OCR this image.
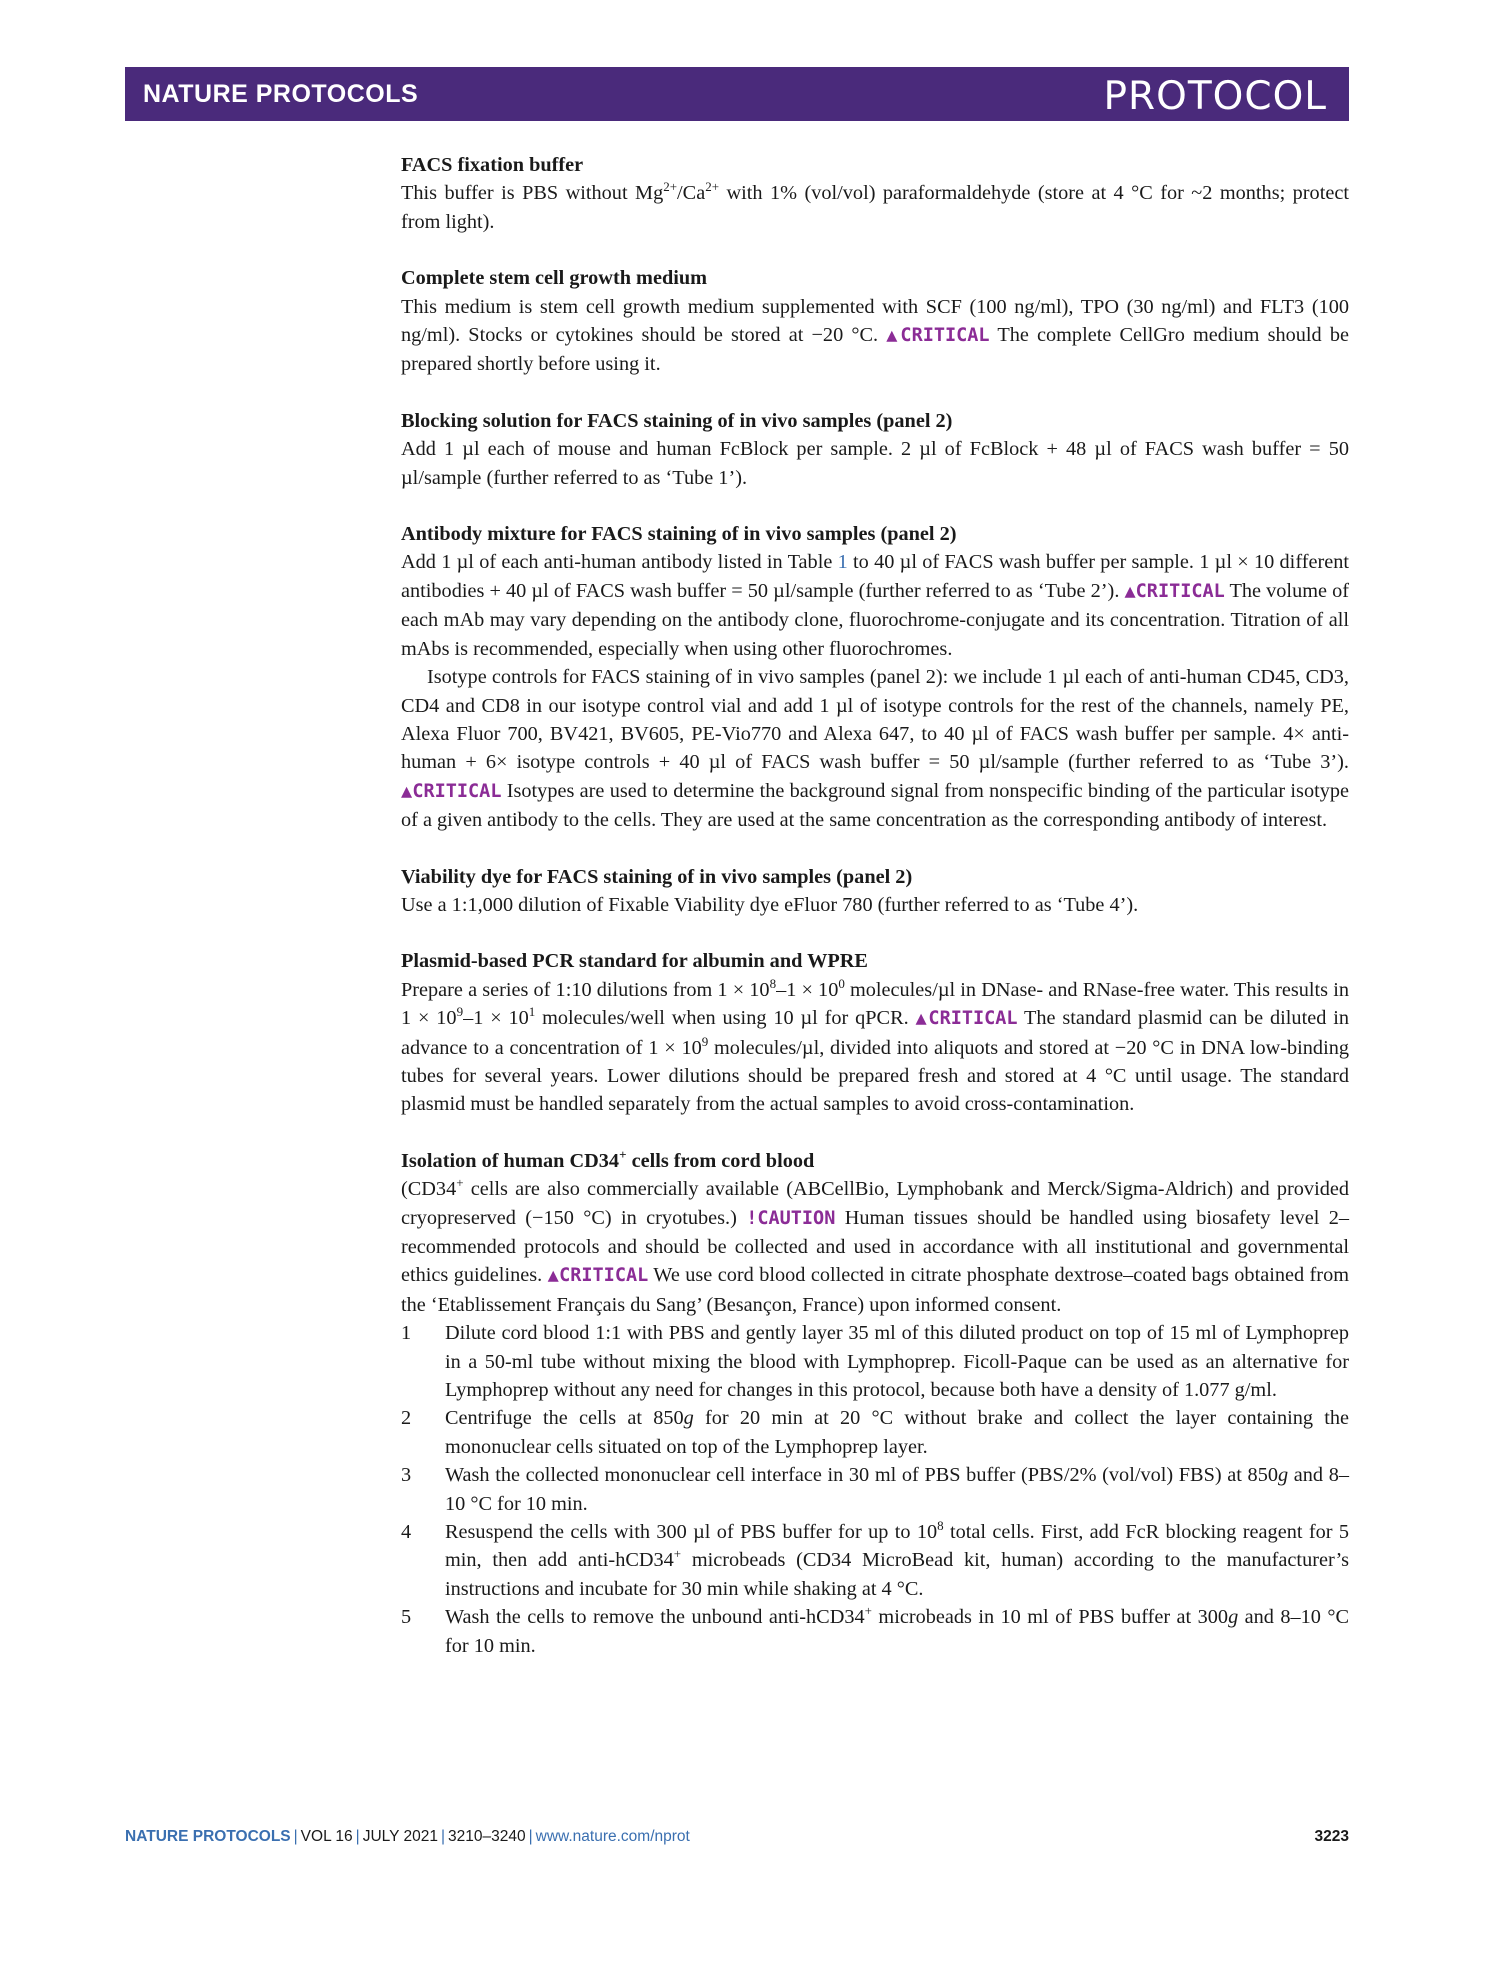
NATURE PROTOCOLS	PROTOCOL
FACS fixation buffer

This buffer is PBS without $Mg^{2+}/Ca^{2+}$ with 1% (vol/vol) paraformaldehyde (store at 4 °C for ~2 months; protect from light).

Complete stem cell growth medium

This medium is stem cell growth medium supplemented with SCF (100 ng/ml), TPO (30 ng/ml) and FLT3 (100 ng/ml). Stocks or cytokines should be stored at −20 °C. ▲CRITICAL The complete CellGro medium should be prepared shortly before using it.

Blocking solution for FACS staining of in vivo samples (panel 2)

Add 1 µl each of mouse and human FcBlock per sample. 2 µl of FcBlock + 48 µl of FACS wash buffer = 50 µl/sample (further referred to as ‘Tube 1’).

Antibody mixture for FACS staining of in vivo samples (panel 2)

Add 1 µl of each anti-human antibody listed in Table 1 to 40 µl of FACS wash buffer per sample. 1 µl × 10 different antibodies + 40 µl of FACS wash buffer = 50 µl/sample (further referred to as ‘Tube 2’). ▲CRITICAL The volume of each mAb may vary depending on the antibody clone, fluorochrome-conjugate and its concentration. Titration of all mAbs is recommended, especially when using other fluorochromes.

Isotype controls for FACS staining of in vivo samples (panel 2): we include 1 µl each of anti-human CD45, CD3, CD4 and CD8 in our isotype control vial and add 1 µl of isotype controls for the rest of the channels, namely PE, Alexa Fluor 700, BV421, BV605, PE-Vio770 and Alexa 647, to 40 µl of FACS wash buffer per sample. 4× anti-human + 6× isotype controls + 40 µl of FACS wash buffer = 50 µl/sample (further referred to as ‘Tube 3’). ▲CRITICAL Isotypes are used to determine the background signal from nonspecific binding of the particular isotype of a given antibody to the cells. They are used at the same concentration as the corresponding antibody of interest.

Viability dye for FACS staining of in vivo samples (panel 2)

Use a 1:1,000 dilution of Fixable Viability dye eFluor 780 (further referred to as ‘Tube 4’).

Plasmid-based PCR standard for albumin and WPRE

Prepare a series of 1:10 dilutions from $1 \times 10^8-1 \times 10^0$ molecules/µl in DNase- and RNase-free water. This results in $1 \times 10^9-1 \times 10^1$ molecules/well when using 10 µl for qPCR. ▲CRITICAL The standard plasmid can be diluted in advance to a concentration of $1 \times 10^9$ molecules/µl, divided into aliquots and stored at −20 °C in DNA low-binding tubes for several years. Lower dilutions should be prepared fresh and stored at 4 °C until usage. The standard plasmid must be handled separately from the actual samples to avoid cross-contamination.

Isolation of human CD34+ cells from cord blood

(CD34+ cells are also commercially available (ABCellBio, Lymphobank and Merck/Sigma-Aldrich) and provided cryopreserved (−150 °C) in cryotubes.) !CAUTION Human tissues should be handled using biosafety level 2–recommended protocols and should be collected and used in accordance with all institutional and governmental ethics guidelines. ▲CRITICAL We use cord blood collected in citrate phosphate dextrose–coated bags obtained from the ‘Etablissement Français du Sang’ (Besançon, France) upon informed consent.

1	Dilute cord blood 1:1 with PBS and gently layer 35 ml of this diluted product on top of 15 ml of Lymphoprep in a 50-ml tube without mixing the blood with Lymphoprep. Ficoll-Paque can be used as an alternative for Lymphoprep without any need for changes in this protocol, because both have a density of 1.077 g/ml.
2	Centrifuge the cells at 850g for 20 min at 20 °C without brake and collect the layer containing the mononuclear cells situated on top of the Lymphoprep layer.
3	Wash the collected mononuclear cell interface in 30 ml of PBS buffer (PBS/2% (vol/vol) FBS) at 850g and 8–10 °C for 10 min.
4	Resuspend the cells with 300 µl of PBS buffer for up to $10^8$ total cells. First, add FcR blocking reagent for 5 min, then add anti-hCD34+ microbeads (CD34 MicroBead kit, human) according to the manufacturer’s instructions and incubate for 30 min while shaking at 4 °C.
5	Wash the cells to remove the unbound anti-hCD34+ microbeads in 10 ml of PBS buffer at 300g and 8–10 °C for 10 min.
NATURE PROTOCOLS | VOL 16 | JULY 2021 | 3210–3240 | www.nature.com/nprot	3223
